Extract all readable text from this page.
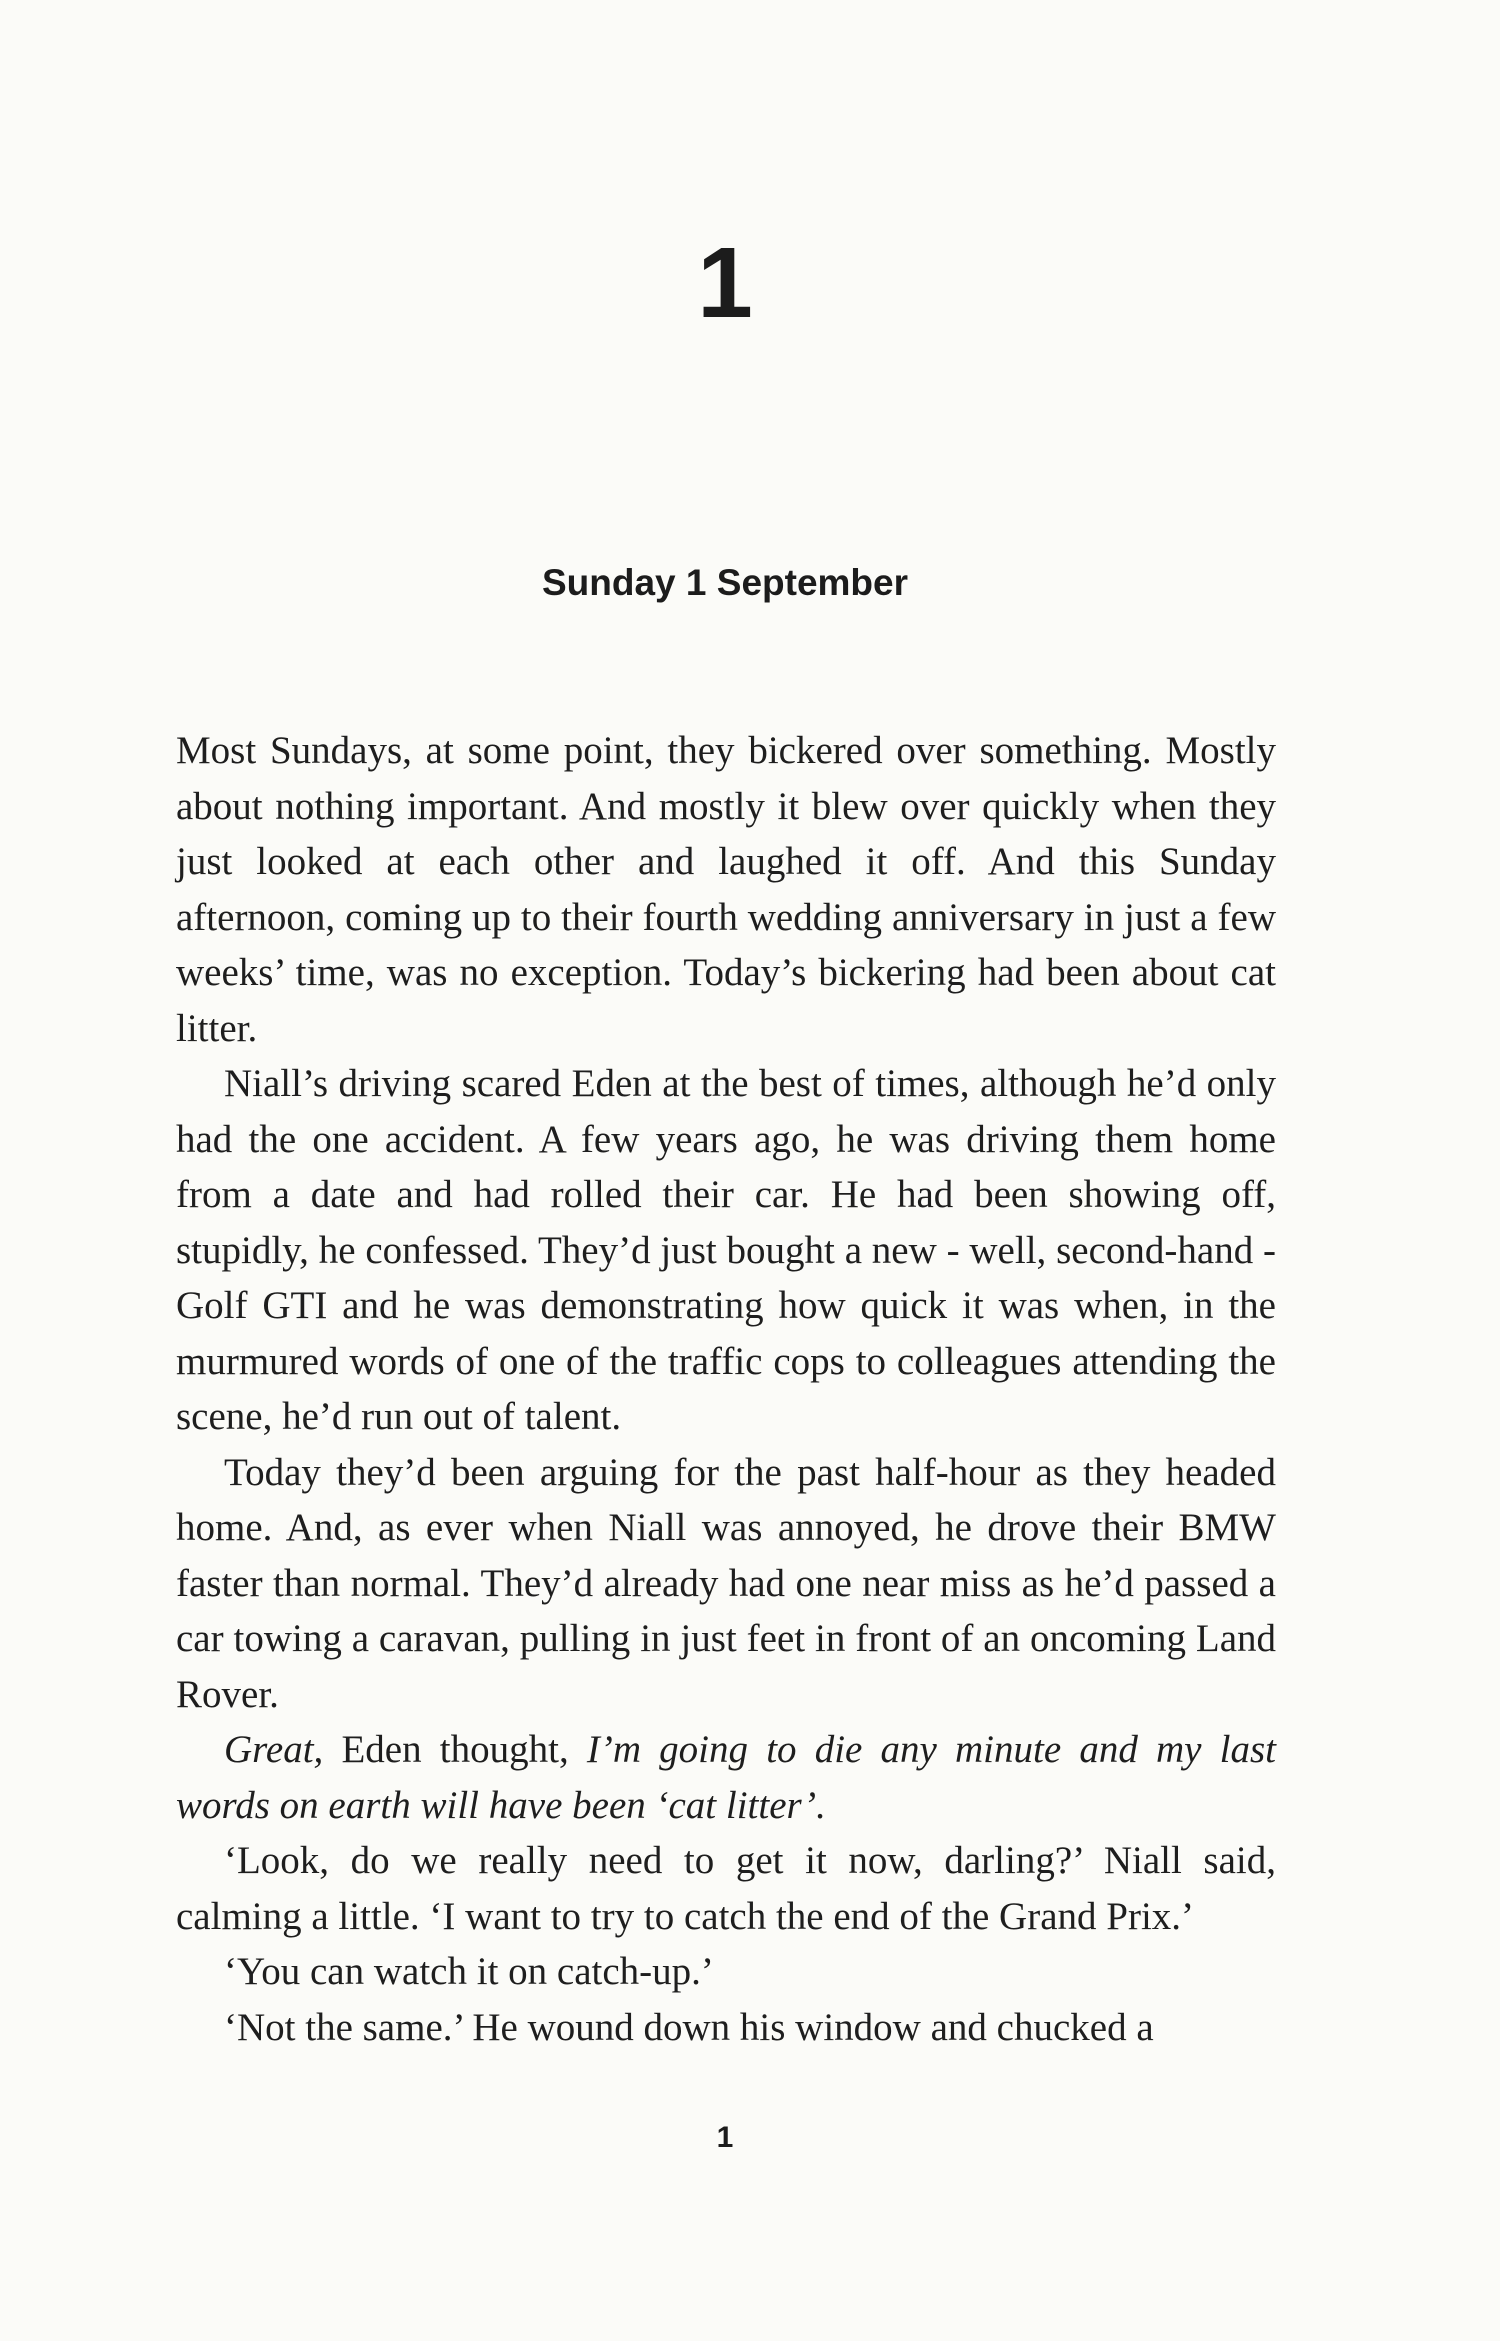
1
Sunday 1 September

Most Sundays, at some point, they bickered over something. Mostly about nothing important. And mostly it blew over quickly when they just looked at each other and laughed it off. And this Sunday afternoon, coming up to their fourth wedding anniversary in just a few weeks’ time, was no exception. Today’s bickering had been about cat litter.

Niall’s driving scared Eden at the best of times, although he’d only had the one accident. A few years ago, he was driving them home from a date and had rolled their car. He had been showing off, stupidly, he confessed. They’d just bought a new - well, second-hand - Golf GTI and he was demonstrating how quick it was when, in the murmured words of one of the traffic cops to colleagues attending the scene, he’d run out of talent.

Today they’d been arguing for the past half-hour as they headed home. And, as ever when Niall was annoyed, he drove their BMW faster than normal. They’d already had one near miss as he’d passed a car towing a caravan, pulling in just feet in front of an oncoming Land Rover.

Great, Eden thought, I’m going to die any minute and my last words on earth will have been ‘cat litter’.

‘Look, do we really need to get it now, darling?’ Niall said, calming a little. ‘I want to try to catch the end of the Grand Prix.’

‘You can watch it on catch-up.’

‘Not the same.’ He wound down his window and chucked a

1
